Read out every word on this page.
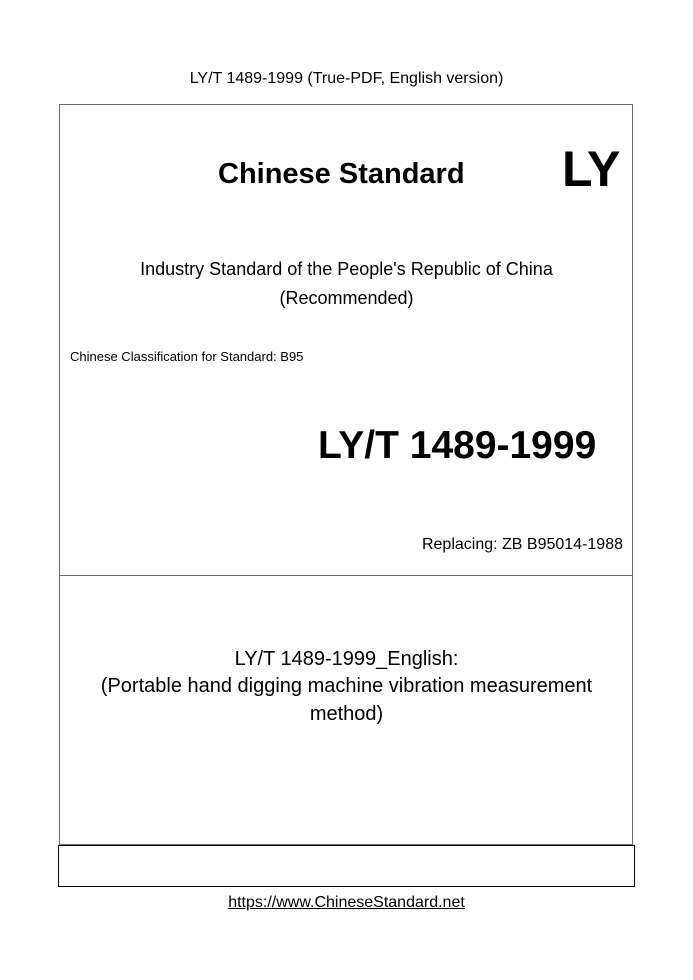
LY/T 1489-1999 (True-PDF, English version)
Chinese Standard LY
Industry Standard of the People's Republic of China
(Recommended)
Chinese Classification for Standard: B95
LY/T 1489-1999
Replacing: ZB B95014-1988
LY/T 1489-1999_English:
(Portable hand digging machine vibration measurement
method)
https://www.ChineseStandard.net
